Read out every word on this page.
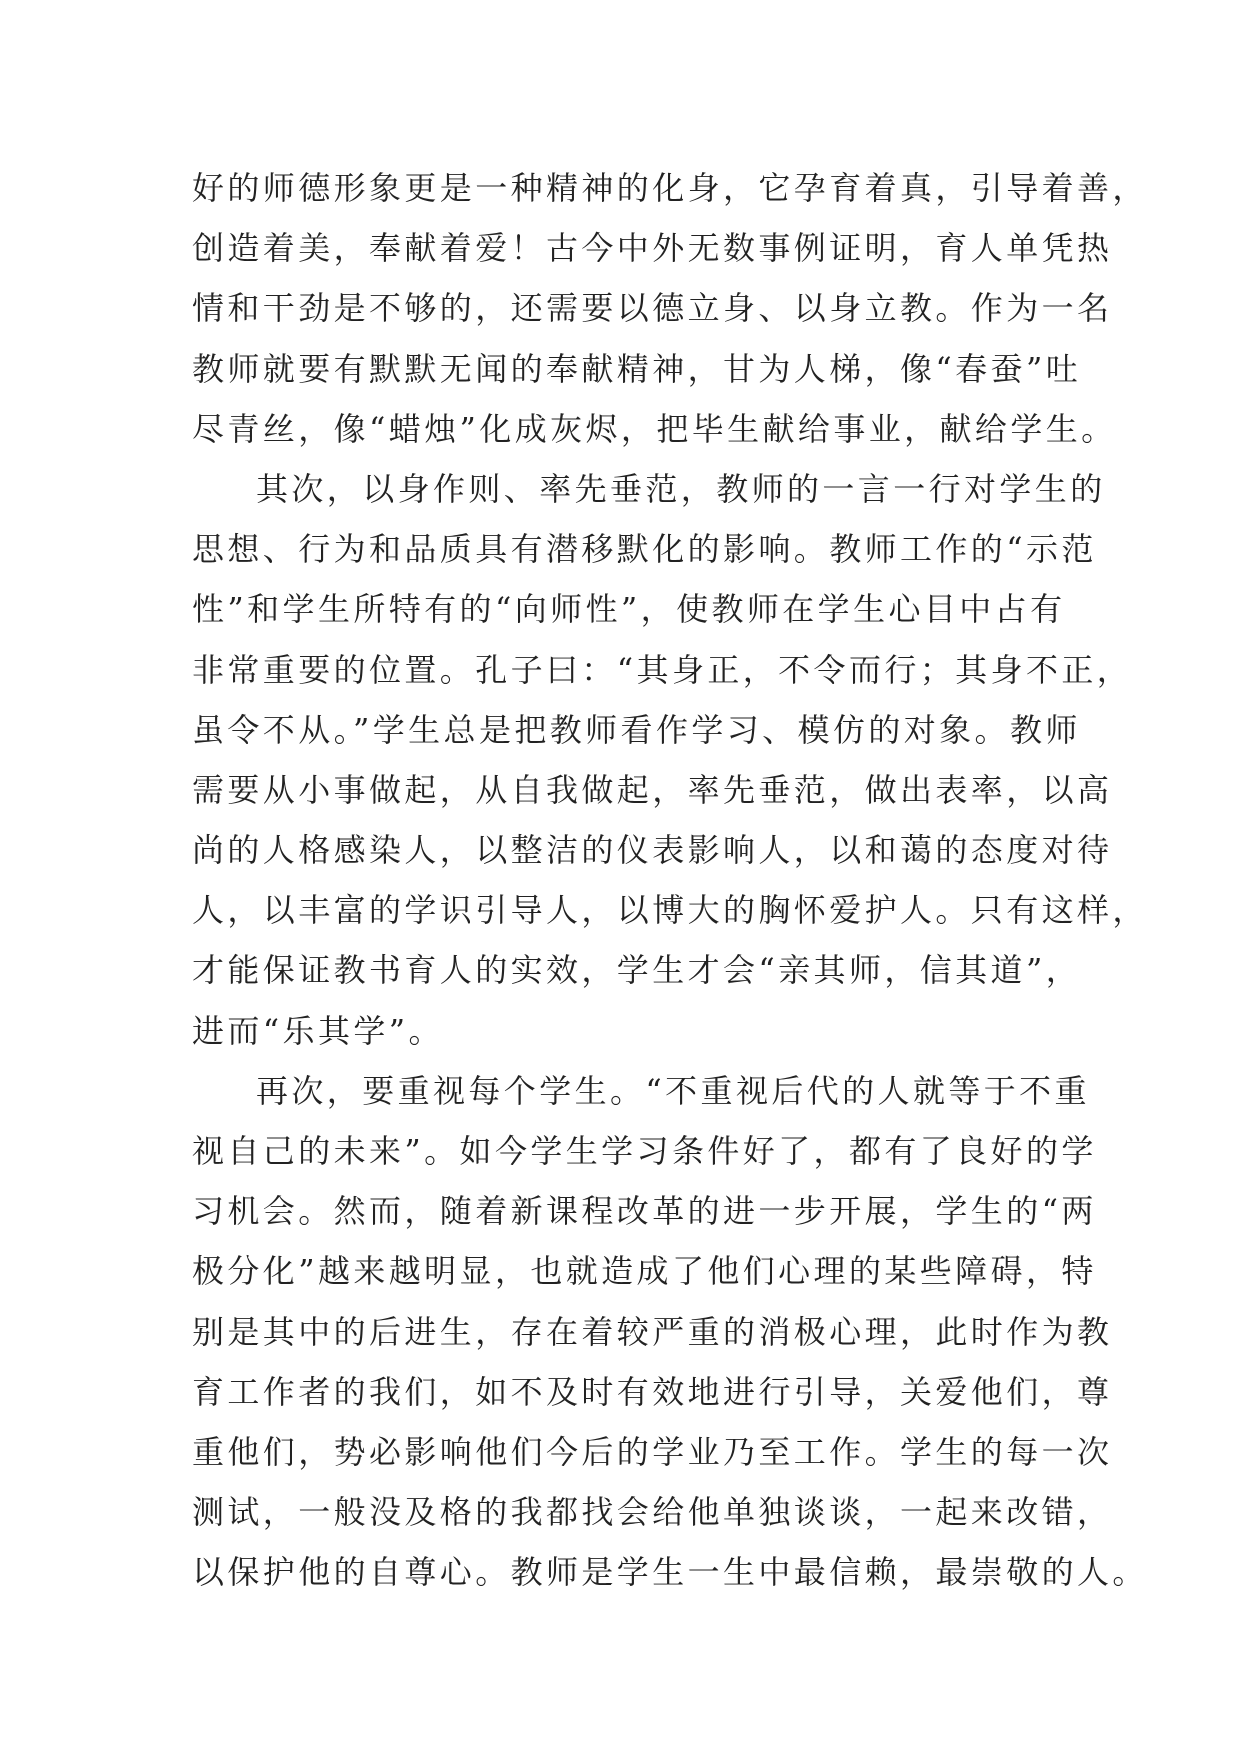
好的师德形象更是一种精神的化身，它孕育着真，引导着善，
创造着美，奉献着爱！古今中外无数事例证明，育人单凭热
情和干劲是不够的，还需要以德立身、以身立教。作为一名
教师就要有默默无闻的奉献精神，甘为人梯，像“春蚕”吐
尽青丝，像“蜡烛”化成灰烬，把毕生献给事业，献给学生。
其次，以身作则、率先垂范，教师的一言一行对学生的
思想、行为和品质具有潜移默化的影响。教师工作的“示范
性”和学生所特有的“向师性”，使教师在学生心目中占有
非常重要的位置。孔子曰：“其身正，不令而行；其身不正，
虽令不从。”学生总是把教师看作学习、模仿的对象。教师
需要从小事做起，从自我做起，率先垂范，做出表率，以高
尚的人格感染人，以整洁的仪表影响人，以和蔼的态度对待
人，以丰富的学识引导人，以博大的胸怀爱护人。只有这样，
才能保证教书育人的实效，学生才会“亲其师，信其道”，
进而“乐其学”。
再次，要重视每个学生。“不重视后代的人就等于不重
视自己的未来”。如今学生学习条件好了，都有了良好的学
习机会。然而，随着新课程改革的进一步开展，学生的“两
极分化”越来越明显，也就造成了他们心理的某些障碍，特
别是其中的后进生，存在着较严重的消极心理，此时作为教
育工作者的我们，如不及时有效地进行引导，关爱他们，尊
重他们，势必影响他们今后的学业乃至工作。学生的每一次
测试，一般没及格的我都找会给他单独谈谈，一起来改错，
以保护他的自尊心。教师是学生一生中最信赖，最崇敬的人。
